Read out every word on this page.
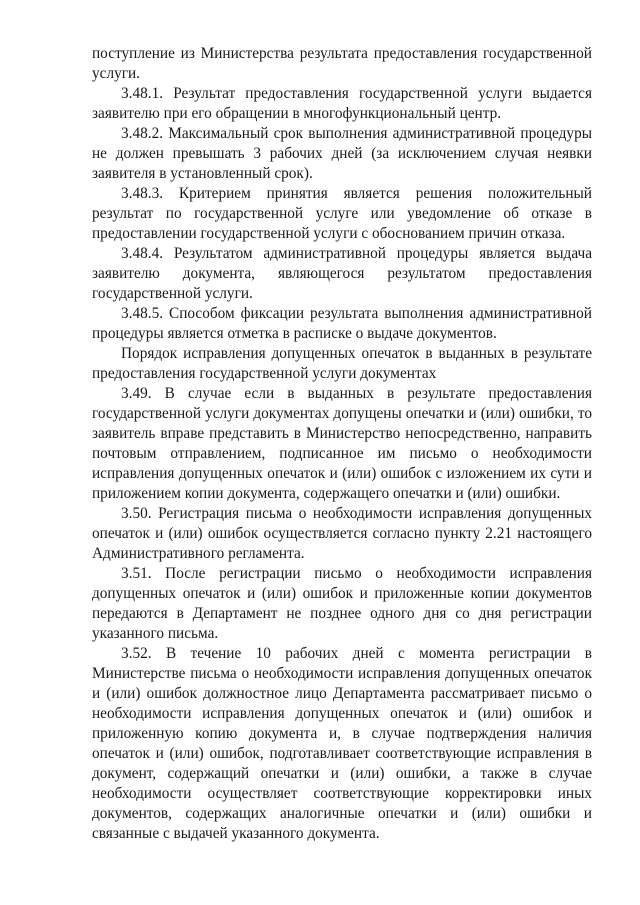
поступление из Министерства результата предоставления государственной услуги.

3.48.1. Результат предоставления государственной услуги выдается заявителю при его обращении в многофункциональный центр.

3.48.2. Максимальный срок выполнения административной процедуры не должен превышать 3 рабочих дней (за исключением случая неявки заявителя в установленный срок).

3.48.3. Критерием принятия является решения положительный результат по государственной услуге или уведомление об отказе в предоставлении государственной услуги с обоснованием причин отказа.

3.48.4. Результатом административной процедуры является выдача заявителю документа, являющегося результатом предоставления государственной услуги.

3.48.5. Способом фиксации результата выполнения административной процедуры является отметка в расписке о выдаче документов.

Порядок исправления допущенных опечаток в выданных в результате предоставления государственной услуги документах

3.49. В случае если в выданных в результате предоставления государственной услуги документах допущены опечатки и (или) ошибки, то заявитель вправе представить в Министерство непосредственно, направить почтовым отправлением, подписанное им письмо о необходимости исправления допущенных опечаток и (или) ошибок с изложением их сути и приложением копии документа, содержащего опечатки и (или) ошибки.

3.50. Регистрация письма о необходимости исправления допущенных опечаток и (или) ошибок осуществляется согласно пункту 2.21 настоящего Административного регламента.

3.51. После регистрации письмо о необходимости исправления допущенных опечаток и (или) ошибок и приложенные копии документов передаются в Департамент не позднее одного дня со дня регистрации указанного письма.

3.52. В течение 10 рабочих дней с момента регистрации в Министерстве письма о необходимости исправления допущенных опечаток и (или) ошибок должностное лицо Департамента рассматривает письмо о необходимости исправления допущенных опечаток и (или) ошибок и приложенную копию документа и, в случае подтверждения наличия опечаток и (или) ошибок, подготавливает соответствующие исправления в документ, содержащий опечатки и (или) ошибки, а также в случае необходимости осуществляет соответствующие корректировки иных документов, содержащих аналогичные опечатки и (или) ошибки и связанные с выдачей указанного документа.
